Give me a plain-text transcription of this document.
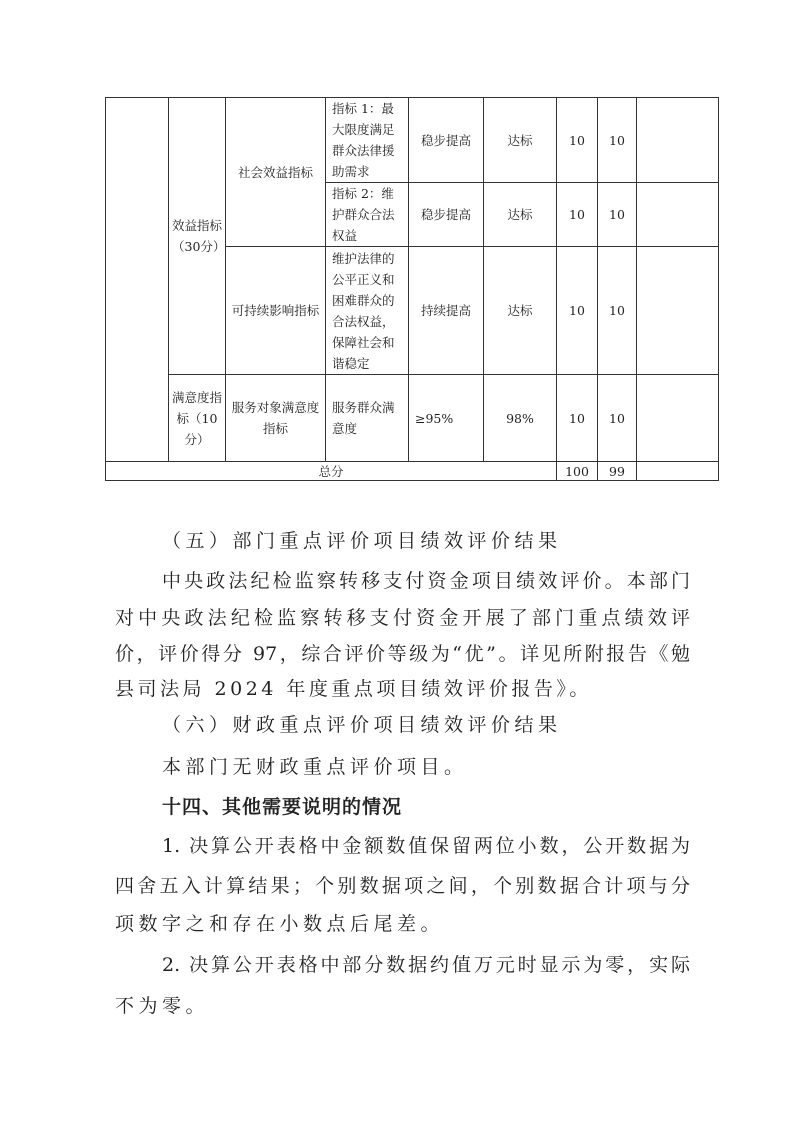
	效益指标（30分）	社会效益指标	指标 1：最大限度满足群众法律援助需求	稳步提高	达标	10	10	
			指标 2：维护群众合法权益	稳步提高	达标	10	10	
		可持续影响指标	维护法律的公平正义和困难群众的合法权益，保障社会和谐稳定	持续提高	达标	10	10	
	满意度指标（10分）	服务对象满意度指标	服务群众满意度	≥95%	98%	10	10	
总分						100	99	
（五）部门重点评价项目绩效评价结果
中央政法纪检监察转移支付资金项目绩效评价。本部门
对中央政法纪检监察转移支付资金开展了部门重点绩效评
价，评价得分 97，综合评价等级为“优”。详见所附报告《勉
县司法局 2024 年度重点项目绩效评价报告》。
（六）财政重点评价项目绩效评价结果
本部门无财政重点评价项目。
十四、其他需要说明的情况
1. 决算公开表格中金额数值保留两位小数，公开数据为
四舍五入计算结果；个别数据项之间，个别数据合计项与分
项数字之和存在小数点后尾差。
2. 决算公开表格中部分数据约值万元时显示为零，实际
不为零。
